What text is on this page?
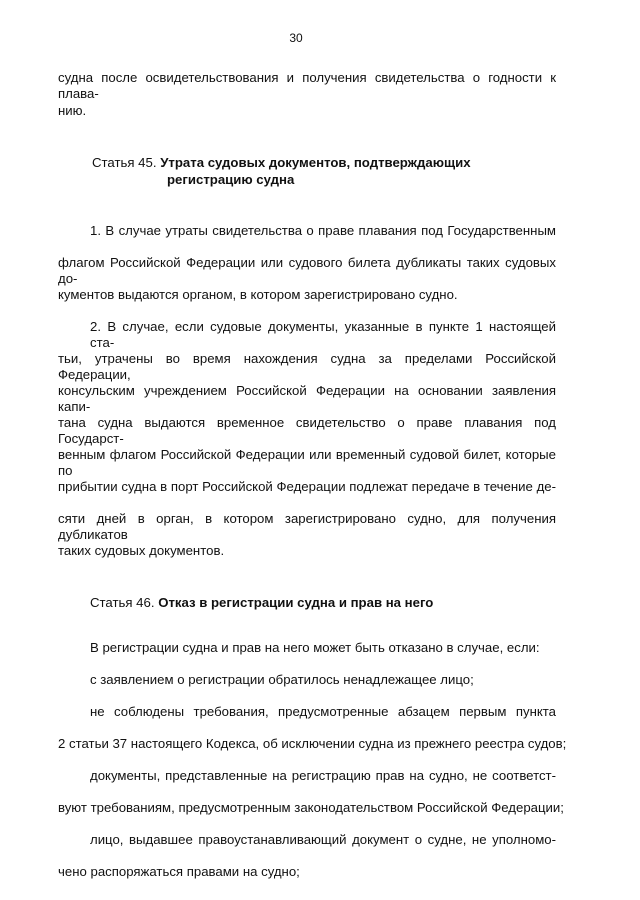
30
судна после освидетельствования и получения свидетельства о годности к плава-
нию.
Статья 45. Утрата судовых документов, подтверждающих
регистрацию судна
1. В случае утраты свидетельства о праве плавания под Государственным
флагом Российской Федерации или судового билета дубликаты таких судовых до-
кументов выдаются органом, в котором зарегистрировано судно.
2. В случае, если судовые документы, указанные в пункте 1 настоящей ста-
тьи, утрачены во время нахождения судна за пределами Российской Федерации,
консульским учреждением Российской Федерации на основании заявления капи-
тана судна выдаются временное свидетельство о праве плавания под Государст-
венным флагом Российской Федерации или временный судовой билет, которые по
прибытии судна в порт Российской Федерации подлежат передаче в течение де-
сяти дней в орган, в котором зарегистрировано судно, для получения дубликатов
таких судовых документов.
Статья 46. Отказ в регистрации судна и прав на него
В регистрации судна и прав на него может быть отказано в случае, если:
с заявлением о регистрации обратилось ненадлежащее лицо;
не соблюдены требования, предусмотренные абзацем первым пункта
2 статьи 37 настоящего Кодекса, об исключении судна из прежнего реестра судов;
документы, представленные на регистрацию прав на судно, не соответст-
вуют требованиям, предусмотренным законодательством Российской Федерации;
лицо, выдавшее правоустанавливающий документ о судне, не уполномо-
чено распоряжаться правами на судно;
